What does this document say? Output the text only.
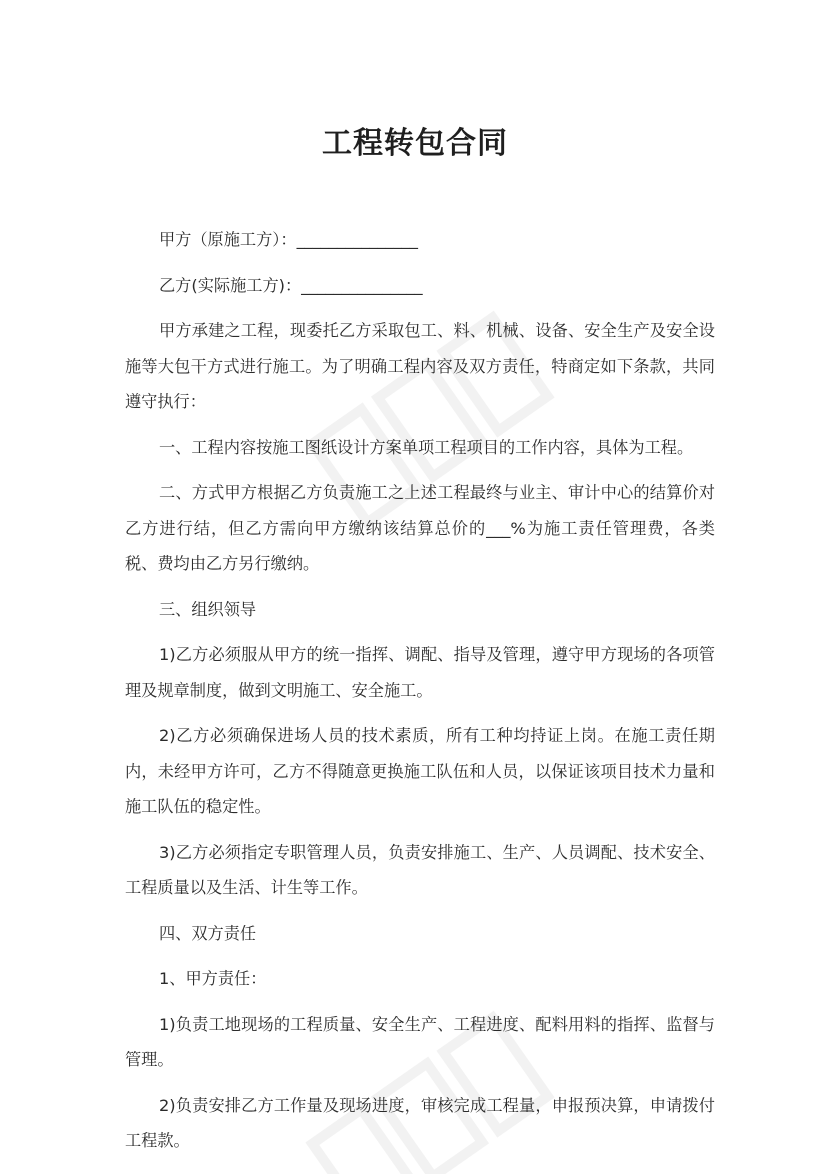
工程转包合同

甲方（原施工方）：_______________

乙方(实际施工方)：_______________

甲方承建之工程，现委托乙方采取包工、料、机械、设备、安全生产及安全设施等大包干方式进行施工。为了明确工程内容及双方责任，特商定如下条款，共同遵守执行：

一、工程内容按施工图纸设计方案单项工程项目的工作内容，具体为工程。

二、方式甲方根据乙方负责施工之上述工程最终与业主、审计中心的结算价对乙方进行结，但乙方需向甲方缴纳该结算总价的___%为施工责任管理费，各类税、费均由乙方另行缴纳。

三、组织领导

1)乙方必须服从甲方的统一指挥、调配、指导及管理，遵守甲方现场的各项管理及规章制度，做到文明施工、安全施工。

2)乙方必须确保进场人员的技术素质，所有工种均持证上岗。在施工责任期内，未经甲方许可，乙方不得随意更换施工队伍和人员，以保证该项目技术力量和施工队伍的稳定性。

3)乙方必须指定专职管理人员，负责安排施工、生产、人员调配、技术安全、工程质量以及生活、计生等工作。

四、双方责任

1、甲方责任：

1)负责工地现场的工程质量、安全生产、工程进度、配料用料的指挥、监督与管理。

2)负责安排乙方工作量及现场进度，审核完成工程量，申报预决算，申请拨付工程款。
